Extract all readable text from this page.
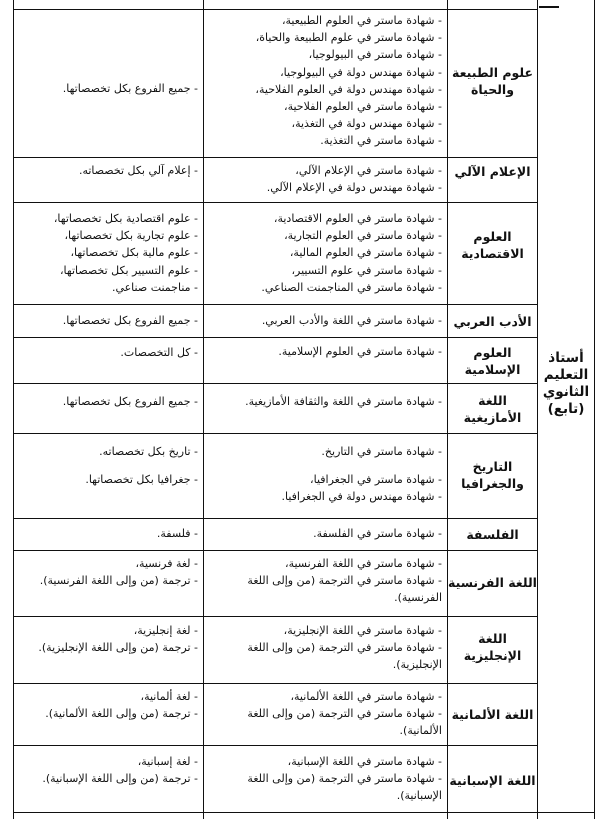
أستاذ
التعليم
الثانوي
(تابع)
علوم الطبيعة
والحياة
- شهادة ماستر في العلوم الطبيعية،
- شهادة ماستر في علوم الطبيعة والحياة،
- شهادة ماستر في البيولوجيا،
- شهادة مهندس دولة في البيولوجيا،
- شهادة مهندس دولة في العلوم الفلاحية،
- شهادة ماستر في العلوم الفلاحية،
- شهادة مهندس دولة في التغذية،
- شهادة ماستر في التغذية.
- جميع الفروع بكل تخصصاتها.
الإعلام الآلي
- شهادة ماستر في الإعلام الآلي،
- شهادة مهندس دولة في الإعلام الآلي.
- إعلام آلي بكل تخصصاته.
العلوم
الاقتصادية
- شهادة ماستر في العلوم الاقتصادية،
- شهادة ماستر في العلوم التجارية،
- شهادة ماستر في العلوم المالية،
- شهادة ماستر في علوم التسيير،
- شهادة ماستر في المناجمنت الصناعي.
- علوم اقتصادية بكل تخصصاتها،
- علوم تجارية بكل تخصصاتها،
- علوم مالية بكل تخصصاتها،
- علوم التسيير بكل تخصصاتها،
- مناجمنت صناعي.
الأدب العربي
- شهادة ماستر في اللغة والأدب العربي.
- جميع الفروع بكل تخصصاتها.
العلوم
الإسلامية
- شهادة ماستر في العلوم الإسلامية.
- كل التخصصات.
اللغة
الأمازيغية
- شهادة ماستر في اللغة والثقافة الأمازيغية.
- جميع الفروع بكل تخصصاتها.
التاريخ
والجغرافيا
- شهادة ماستر في التاريخ.
- شهادة ماستر في الجغرافيا،
- شهادة مهندس دولة في الجغرافيا.
- تاريخ بكل تخصصاته.
- جغرافيا بكل تخصصاتها.
الفلسفة
- شهادة ماستر في الفلسفة.
- فلسفة.
اللغة الفرنسية
- شهادة ماستر في اللغة الفرنسية،
- شهادة ماستر في الترجمة (من وإلى اللغة الفرنسية).
- لغة فرنسية،
- ترجمة (من وإلى اللغة الفرنسية).
اللغة
الإنجليزية
- شهادة ماستر في اللغة الإنجليزية،
- شهادة ماستر في الترجمة (من وإلى اللغة الإنجليزية).
- لغة إنجليزية،
- ترجمة (من وإلى اللغة الإنجليزية).
اللغة الألمانية
- شهادة ماستر في اللغة الألمانية،
- شهادة ماستر في الترجمة (من وإلى اللغة الألمانية).
- لغة ألمانية،
- ترجمة (من وإلى اللغة الألمانية).
اللغة الإسبانية
- شهادة ماستر في اللغة الإسبانية،
- شهادة ماستر في الترجمة (من وإلى اللغة الإسبانية).
- لغة إسبانية،
- ترجمة (من وإلى اللغة الإسبانية).
